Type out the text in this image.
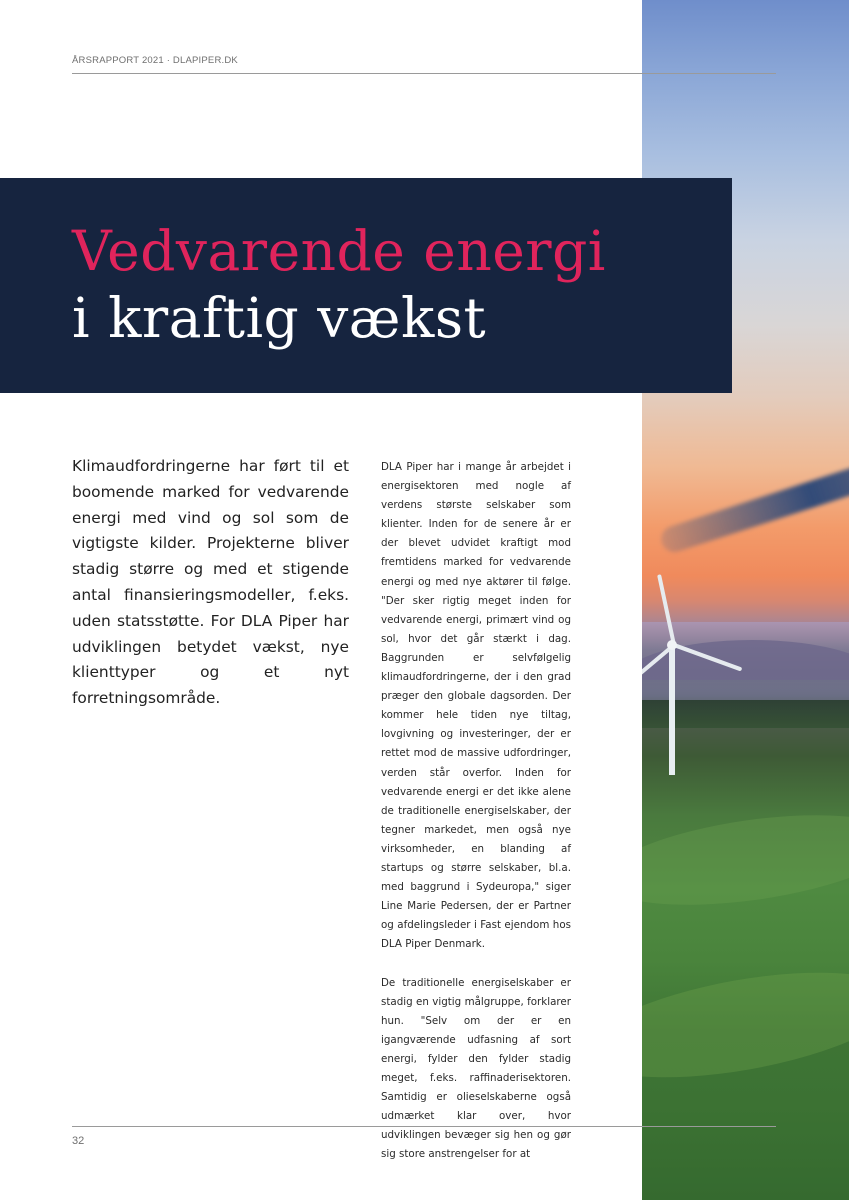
ÅRSRAPPORT 2021 · DLAPIPER.DK
Vedvarende energi
i kraftig vækst
Klimaudfordringerne har ført til et boomende marked for vedvarende energi med vind og sol som de vigtigste kilder. Projekterne bliver stadig større og med et stigende antal finansieringsmodeller, f.eks. uden statsstøtte. For DLA Piper har udviklingen betydet vækst, nye klienttyper og et nyt forretningsområde.

DLA Piper har i mange år arbejdet i energisektoren med nogle af verdens største selskaber som klienter. Inden for de senere år er der blevet udvidet kraftigt mod fremtidens marked for vedvarende energi og med nye aktører til følge. "Der sker rigtig meget inden for vedvarende energi, primært vind og sol, hvor det går stærkt i dag. Baggrunden er selvfølgelig klimaudfordringerne, der i den grad præger den globale dagsorden. Der kommer hele tiden nye tiltag, lovgivning og investeringer, der er rettet mod de massive udfordringer, verden står overfor. Inden for vedvarende energi er det ikke alene de traditionelle energiselskaber, der tegner markedet, men også nye virksomheder, en blanding af startups og større selskaber, bl.a. med baggrund i Sydeuropa," siger Line Marie Pedersen, der er Partner og afdelingsleder i Fast ejendom hos DLA Piper Denmark.

De traditionelle energiselskaber er stadig en vigtig målgruppe, forklarer hun. "Selv om der er en igangværende udfasning af sort energi, fylder den fylder stadig meget, f.eks. raffinaderisektoren. Samtidig er olieselskaberne også udmærket klar over, hvor udviklingen bevæger sig hen og gør sig store anstrengelser for at

32
